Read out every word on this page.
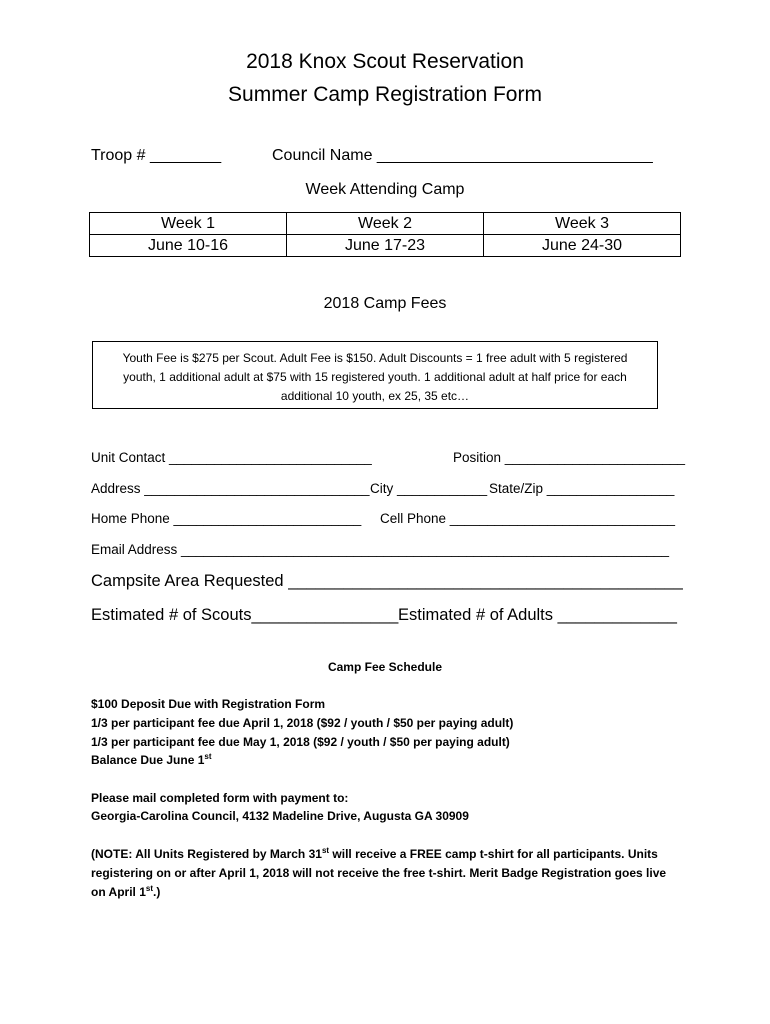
2018 Knox Scout Reservation
Summer Camp Registration Form
Troop # ________	Council Name _______________________________
Week Attending Camp
Week 1	Week 2	Week 3
June 10-16	June 17-23	June 24-30
2018 Camp Fees
Youth Fee is $275 per Scout. Adult Fee is $150. Adult Discounts = 1 free adult with 5 registered
youth, 1 additional adult at $75 with 15 registered youth. 1 additional adult at half price for each
additional 10 youth, ex 25, 35 etc…
Unit Contact ___________________________	Position ________________________
Address ______________________________ City ____________ State/Zip _________________
Home Phone _________________________ Cell Phone ______________________________
Email Address _________________________________________________________________
Campsite Area Requested ___________________________________________
Estimated # of Scouts________________ Estimated # of Adults _____________
Camp Fee Schedule
$100 Deposit Due with Registration Form
1/3 per participant fee due April 1, 2018 ($92 / youth / $50 per paying adult)
1/3 per participant fee due May 1, 2018 ($92 / youth / $50 per paying adult)
Balance Due June 1st
Please mail completed form with payment to:
Georgia-Carolina Council, 4132 Madeline Drive, Augusta GA 30909
(NOTE: All Units Registered by March 31st will receive a FREE camp t-shirt for all participants. Units
registering on or after April 1, 2018 will not receive the free t-shirt. Merit Badge Registration goes live
on April 1st.)
